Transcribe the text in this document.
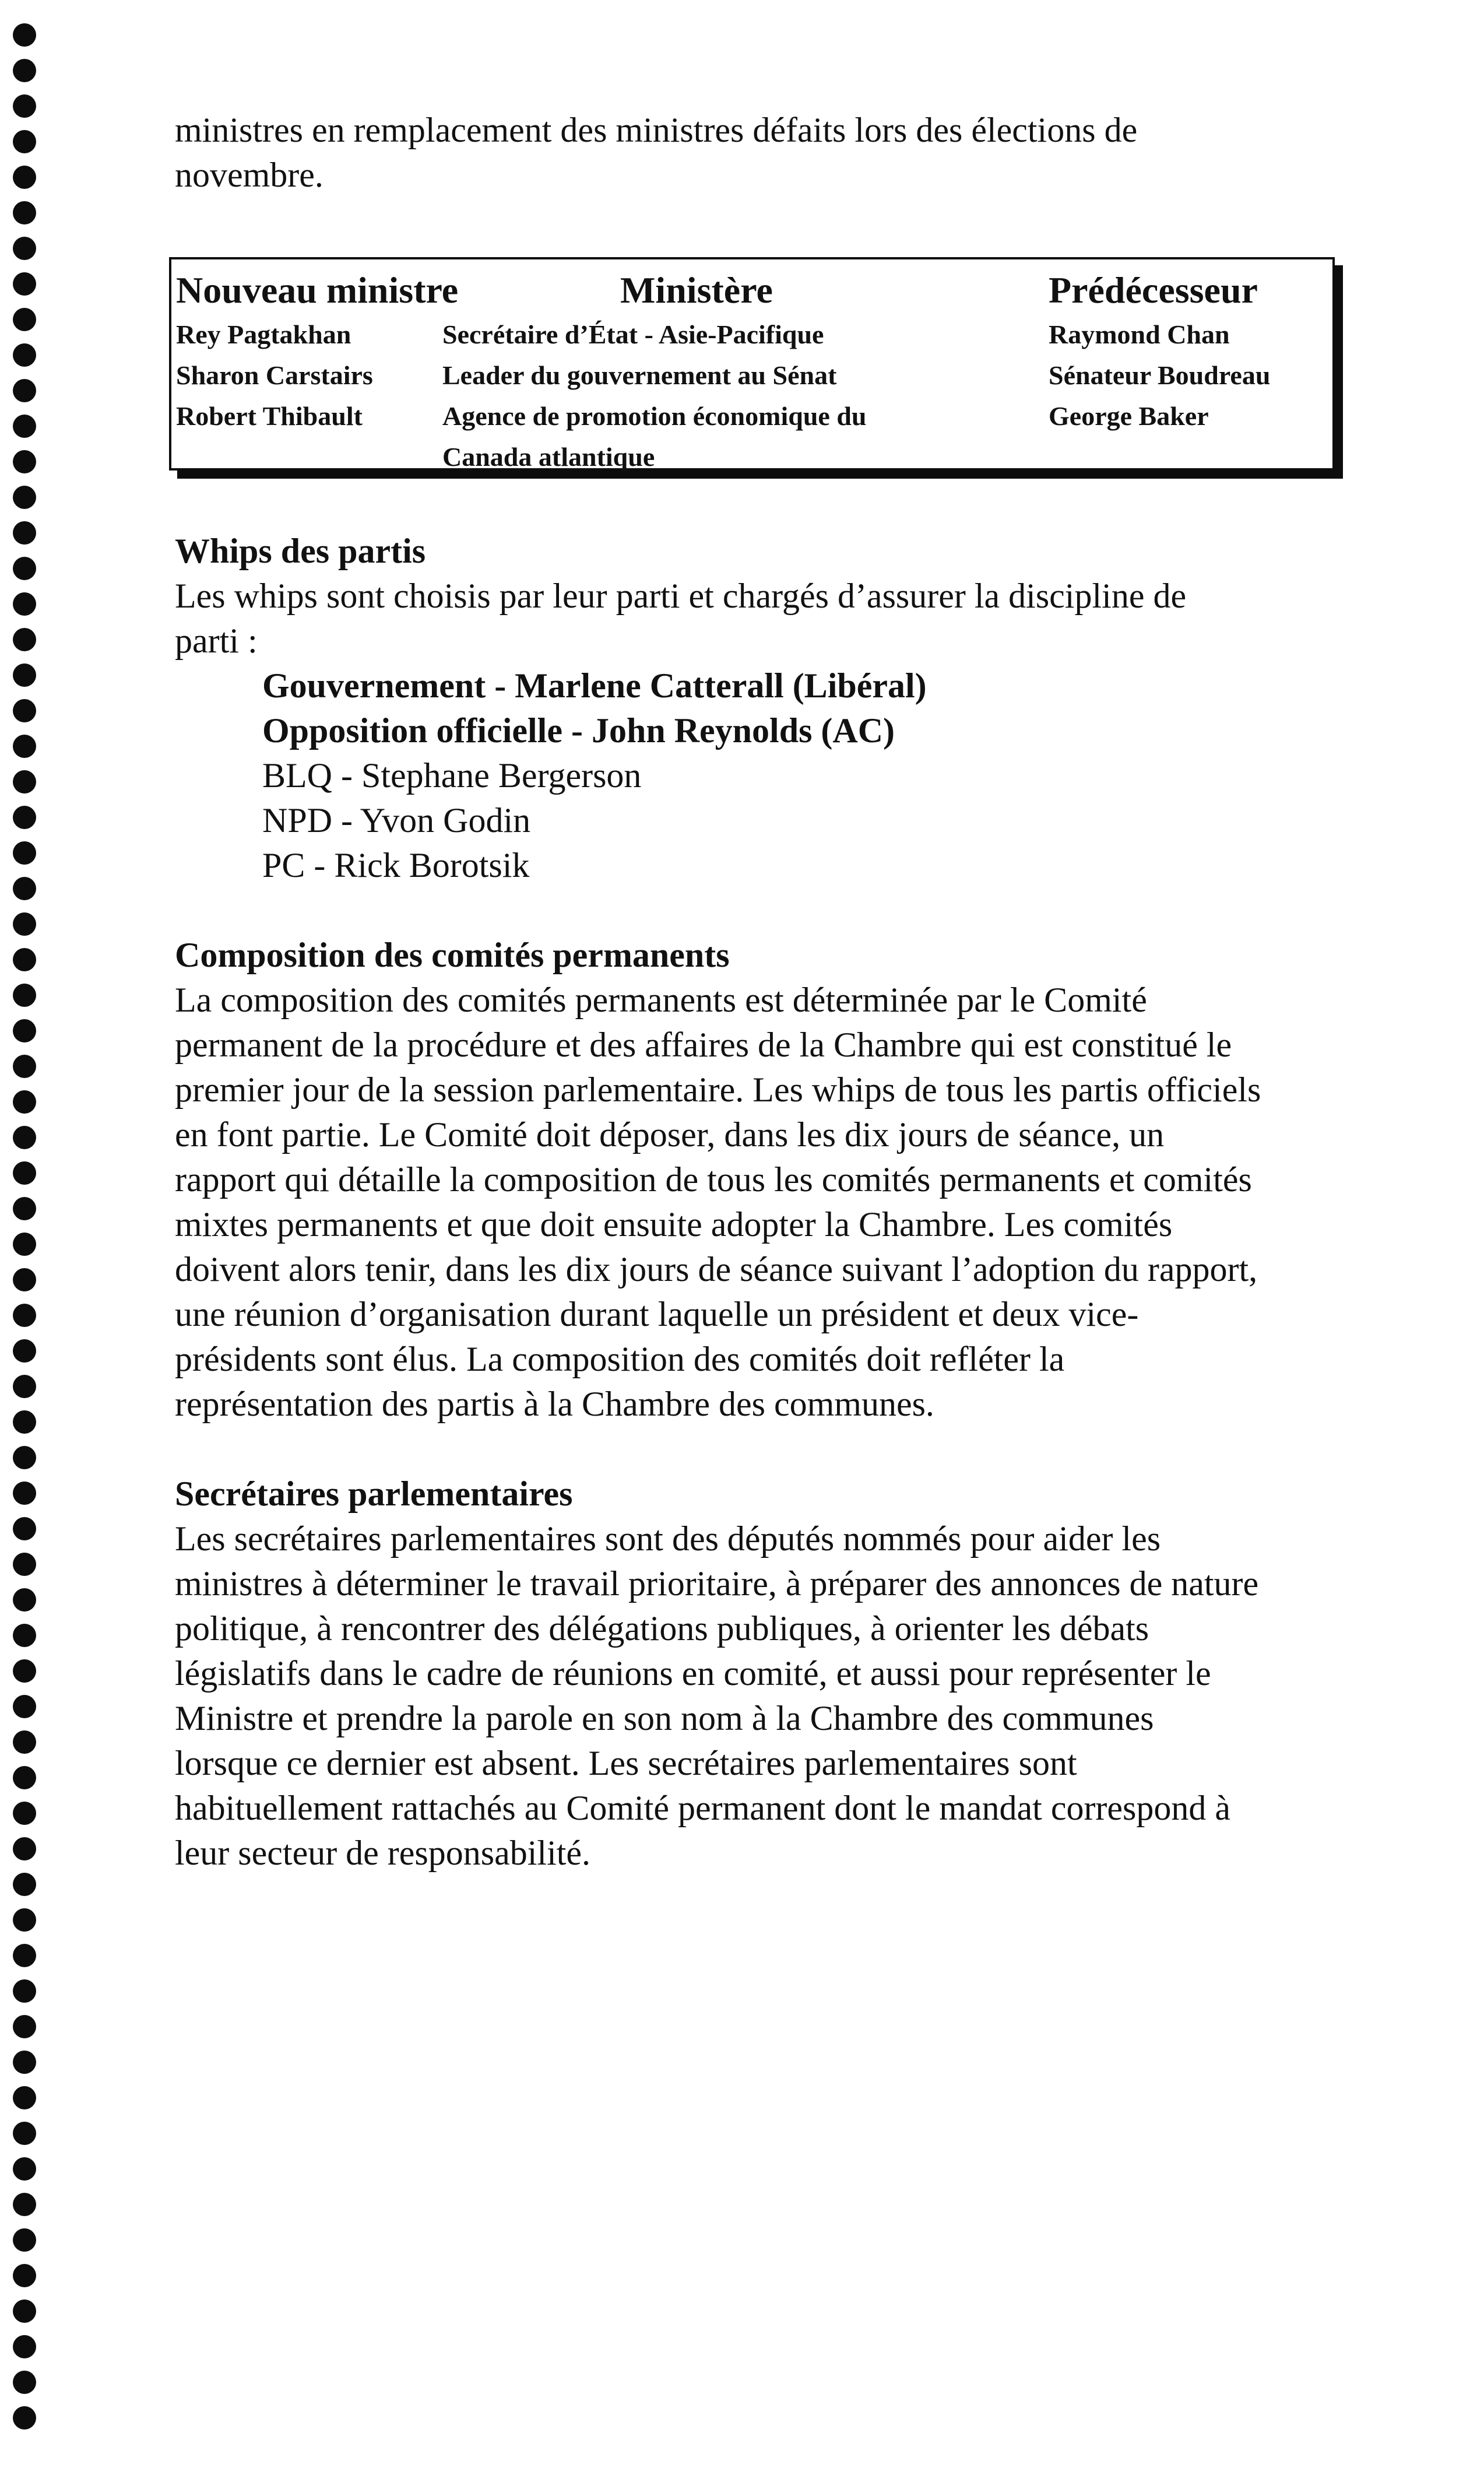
ministres en remplacement des ministres défaits lors des élections de

novembre.

Nouveau ministre	Ministère	Prédécesseur
Rey Pagtakhan	Secrétaire d’État - Asie-Pacifique	Raymond Chan
Sharon Carstairs	Leader du gouvernement au Sénat	Sénateur Boudreau
Robert Thibault	Agence de promotion économique du	George Baker
Canada atlantique

Whips des partis

Les whips sont choisis par leur parti et chargés d’assurer la discipline de

parti :

Gouvernement - Marlene Catterall (Libéral)
Opposition officielle - John Reynolds (AC)
BLQ - Stephane Bergerson
NPD - Yvon Godin
PC - Rick Borotsik

Composition des comités permanents

La composition des comités permanents est déterminée par le Comité

permanent de la procédure et des affaires de la Chambre qui est constitué le

premier jour de la session parlementaire. Les whips de tous les partis officiels

en font partie. Le Comité doit déposer, dans les dix jours de séance, un

rapport qui détaille la composition de tous les comités permanents et comités

mixtes permanents et que doit ensuite adopter la Chambre. Les comités

doivent alors tenir, dans les dix jours de séance suivant l’adoption du rapport,

une réunion d’organisation durant laquelle un président et deux vice-

présidents sont élus. La composition des comités doit refléter la

représentation des partis à la Chambre des communes.

Secrétaires parlementaires

Les secrétaires parlementaires sont des députés nommés pour aider les

ministres à déterminer le travail prioritaire, à préparer des annonces de nature

politique, à rencontrer des délégations publiques, à orienter les débats

législatifs dans le cadre de réunions en comité, et aussi pour représenter le

Ministre et prendre la parole en son nom à la Chambre des communes

lorsque ce dernier est absent. Les secrétaires parlementaires sont

habituellement rattachés au Comité permanent dont le mandat correspond à

leur secteur de responsabilité.
